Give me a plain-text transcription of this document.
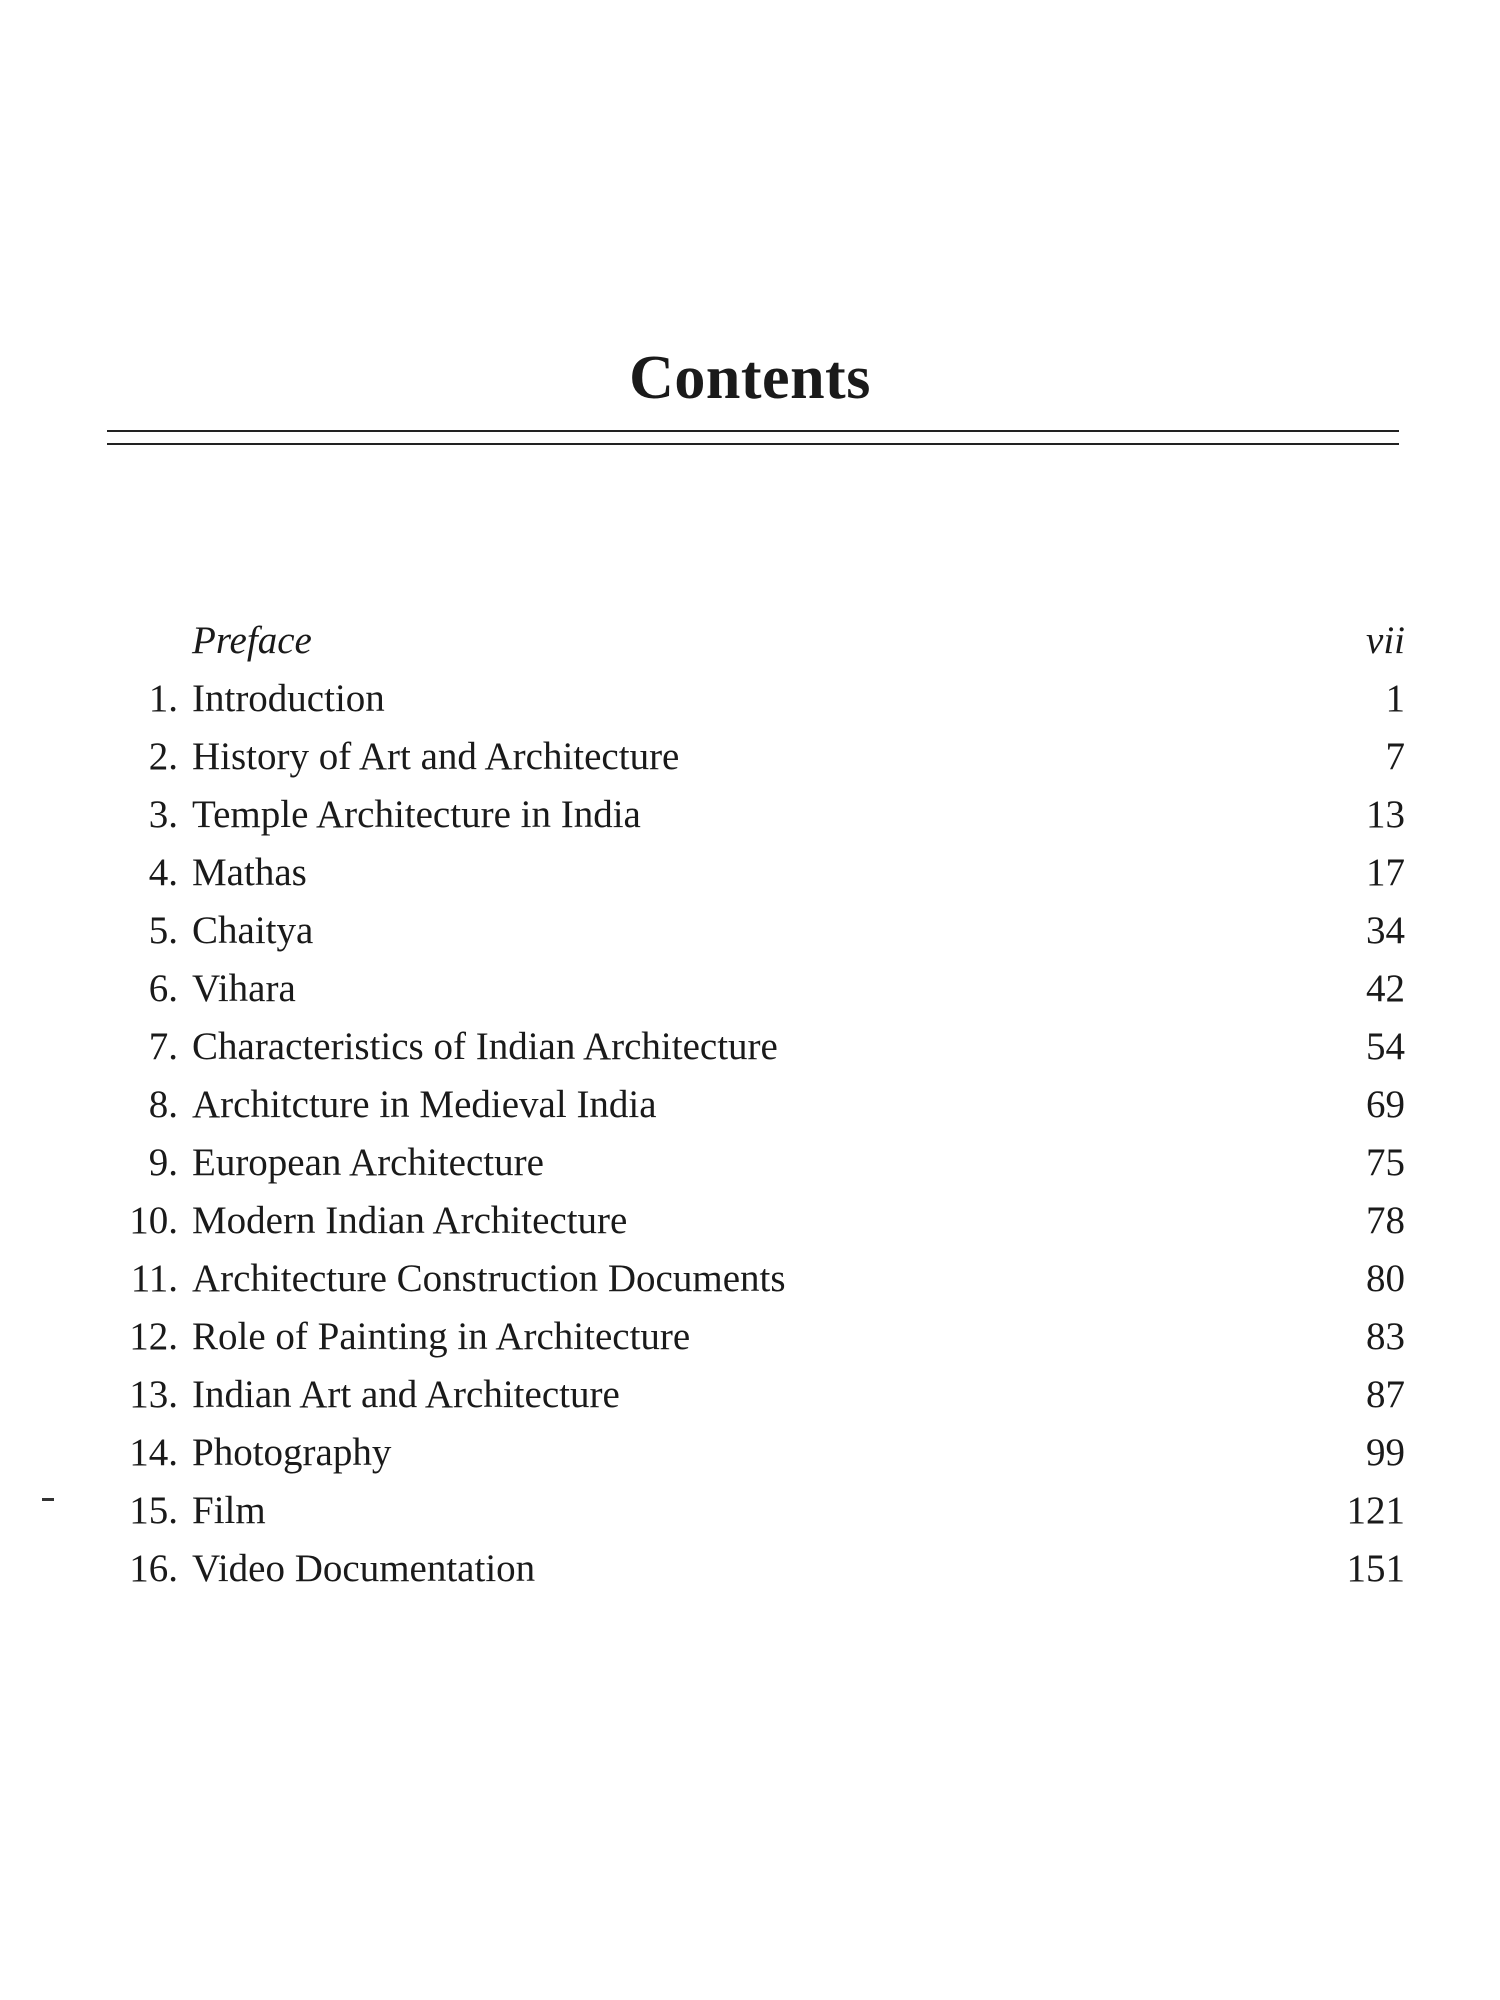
Contents
Preface	vii
1. Introduction	1
2. History of Art and Architecture	7
3. Temple Architecture in India	13
4. Mathas	17
5. Chaitya	34
6. Vihara	42
7. Characteristics of Indian Architecture	54
8. Architcture in Medieval India	69
9. European Architecture	75
10. Modern Indian Architecture	78
11. Architecture Construction Documents	80
12. Role of Painting in Architecture	83
13. Indian Art and Architecture	87
14. Photography	99
15. Film	121
16. Video Documentation	151
